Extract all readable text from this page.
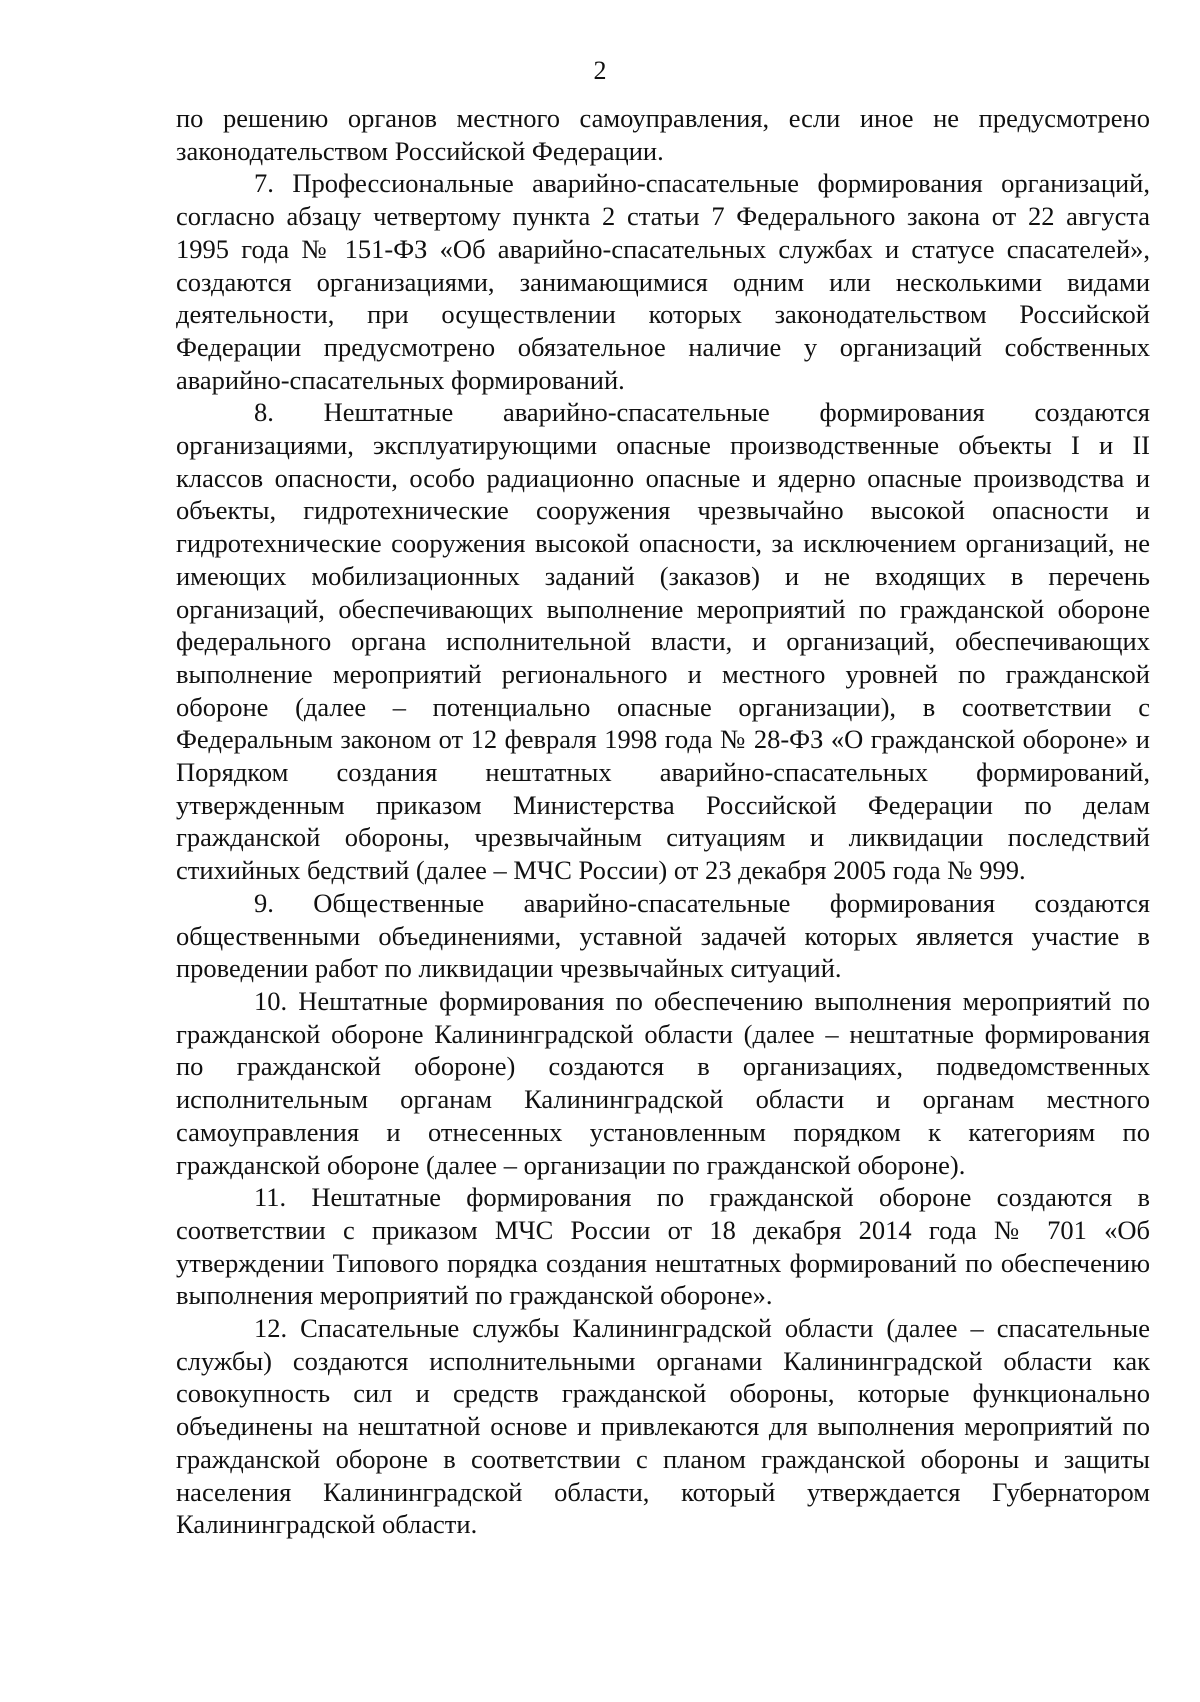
2

по решению органов местного самоуправления, если иное не предусмотрено законодательством Российской Федерации.

7. Профессиональные аварийно-спасательные формирования организаций, согласно абзацу четвертому пункта 2 статьи 7 Федерального закона от 22 августа 1995 года № 151-ФЗ «Об аварийно-спасательных службах и статусе спасателей», создаются организациями, занимающимися одним или несколькими видами деятельности, при осуществлении которых законодательством Российской Федерации предусмотрено обязательное наличие у организаций собственных аварийно-спасательных формирований.

8. Нештатные аварийно-спасательные формирования создаются организациями, эксплуатирующими опасные производственные объекты I и II классов опасности, особо радиационно опасные и ядерно опасные производства и объекты, гидротехнические сооружения чрезвычайно высокой опасности и гидротехнические сооружения высокой опасности, за исключением организаций, не имеющих мобилизационных заданий (заказов) и не входящих в перечень организаций, обеспечивающих выполнение мероприятий по гражданской обороне федерального органа исполнительной власти, и организаций, обеспечивающих выполнение мероприятий регионального и местного уровней по гражданской обороне (далее – потенциально опасные организации), в соответствии с Федеральным законом от 12 февраля 1998 года № 28-ФЗ «О гражданской обороне» и Порядком создания нештатных аварийно-спасательных формирований, утвержденным приказом Министерства Российской Федерации по делам гражданской обороны, чрезвычайным ситуациям и ликвидации последствий стихийных бедствий (далее – МЧС России) от 23 декабря 2005 года № 999.

9. Общественные аварийно-спасательные формирования создаются общественными объединениями, уставной задачей которых является участие в проведении работ по ликвидации чрезвычайных ситуаций.

10. Нештатные формирования по обеспечению выполнения мероприятий по гражданской обороне Калининградской области (далее – нештатные формирования по гражданской обороне) создаются в организациях, подведомственных исполнительным органам Калининградской области и органам местного самоуправления и отнесенных установленным порядком к категориям по гражданской обороне (далее – организации по гражданской обороне).

11. Нештатные формирования по гражданской обороне создаются в соответствии с приказом МЧС России от 18 декабря 2014 года № 701 «Об утверждении Типового порядка создания нештатных формирований по обеспечению выполнения мероприятий по гражданской обороне».

12. Спасательные службы Калининградской области (далее – спасательные службы) создаются исполнительными органами Калининградской области как совокупность сил и средств гражданской обороны, которые функционально объединены на нештатной основе и привлекаются для выполнения мероприятий по гражданской обороне в соответствии с планом гражданской обороны и защиты населения Калининградской области, который утверждается Губернатором Калининградской области.
